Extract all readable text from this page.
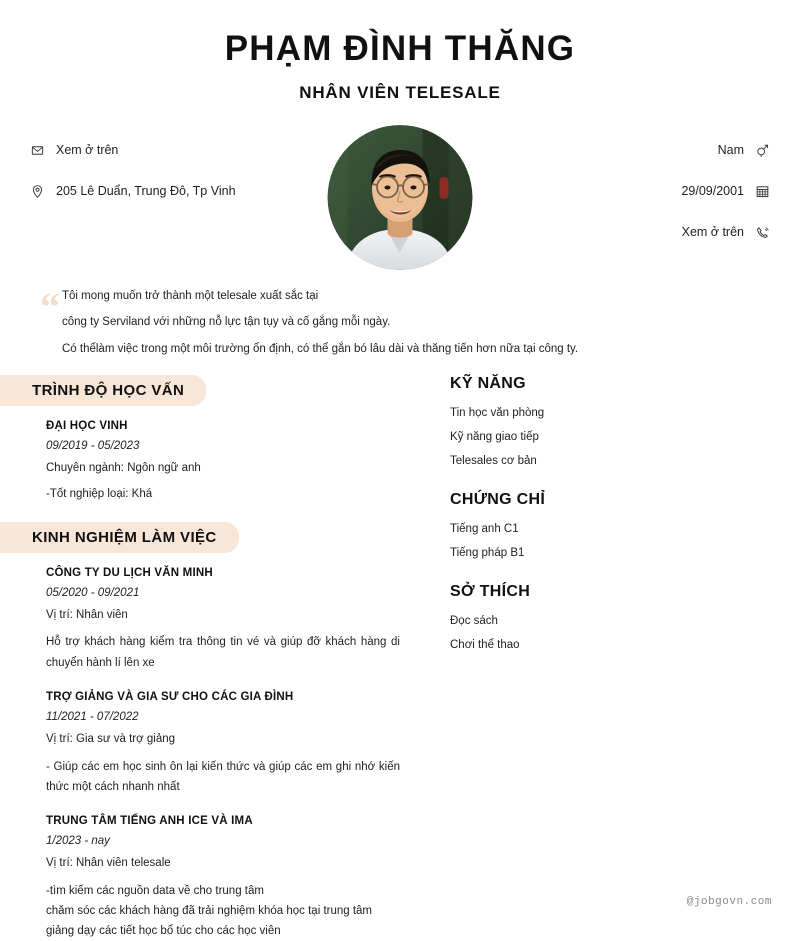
PHẠM ĐÌNH THĂNG
NHÂN VIÊN TELESALE
Xem ở trên
205 Lê Duẩn, Trung Đô, Tp Vinh
Nam
29/09/2001
Xem ở trên
“ Tôi mong muốn trở thành một telesale xuất sắc tại

công ty Serviland với những nỗ lực tận tụy và cố gắng mỗi ngày.

Có thểlàm việc trong một môi trường ổn định, có thể gắn bó lâu dài và thăng tiến hơn nữa tại công ty.

TRÌNH ĐỘ HỌC VẤN
ĐẠI HỌC VINH
09/2019 - 05/2023
Chuyên ngành: Ngôn ngữ anh
-Tốt nghiệp loại: Khá
KINH NGHIỆM LÀM VIỆC
CÔNG TY DU LỊCH VĂN MINH
05/2020 - 09/2021
Vị trí: Nhân viên
Hỗ trợ khách hàng kiểm tra thông tin vé và giúp đỡ khách hàng di chuyển hành lí lên xe
TRỢ GIẢNG VÀ GIA SƯ CHO CÁC GIA ĐÌNH
11/2021 - 07/2022
Vị trí: Gia sư và trợ giảng
- Giúp các em học sinh ôn lại kiến thức và giúp các em ghi nhớ kiến thức một cách nhanh nhất
TRUNG TÂM TIẾNG ANH ICE VÀ IMA
1/2023 - nay
Vị trí: Nhân viên telesale
-tìm kiếm các nguồn data về cho trung tâm
chăm sóc các khách hàng đã trải nghiệm khóa học tại trung tâm
giảng dạy các tiết học bổ túc cho các học viên
KỸ NĂNG
Tin học văn phòng
Kỹ năng giao tiếp
Telesales cơ bản
CHỨNG CHỈ
Tiếng anh C1
Tiếng pháp B1
SỞ THÍCH
Đọc sách
Chơi thể thao
@jobgovn.com
